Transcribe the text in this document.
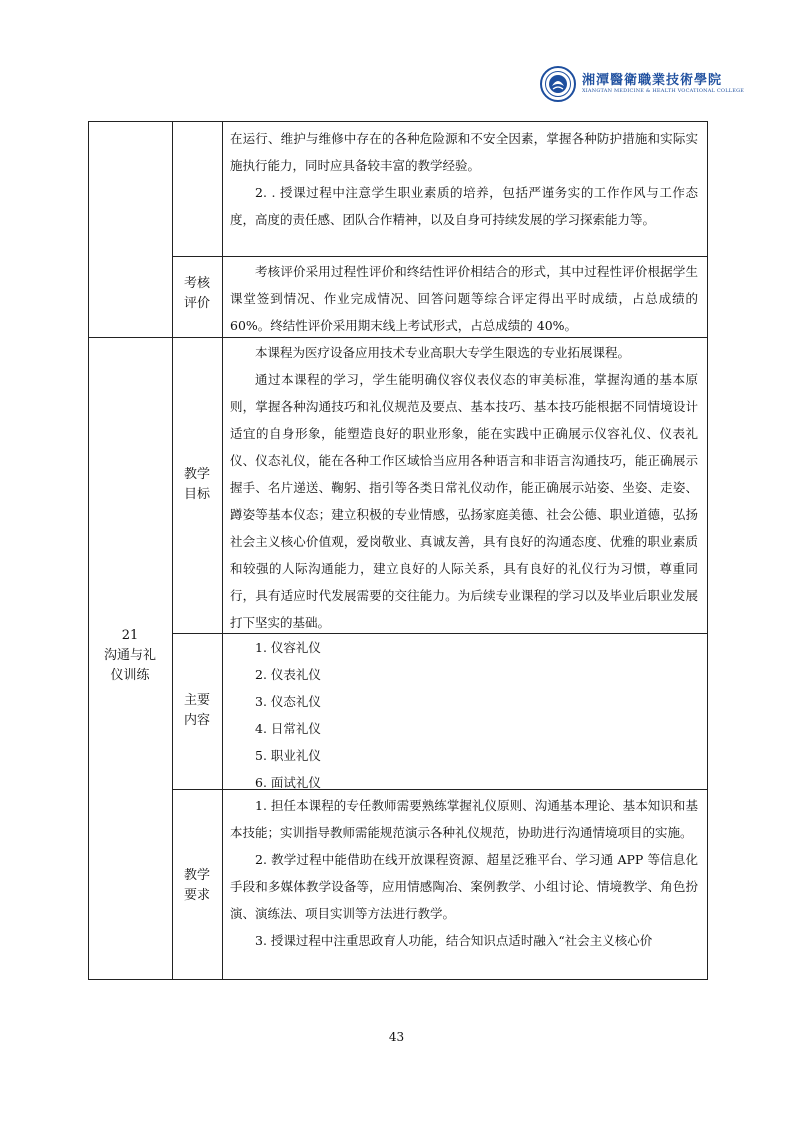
湘潭醫衛職業技術學院
XIANGTAN MEDICINE & HEALTH VOCATIONAL COLLEGE

在运行、维护与维修中存在的各种危险源和不安全因素，掌握各种防护措施和实际实施执行能力，同时应具备较丰富的教学经验。

2. . 授课过程中注意学生职业素质的培养，包括严谨务实的工作作风与工作态度，高度的责任感、团队合作精神，以及自身可持续发展的学习探索能力等。

考核
评价

考核评价采用过程性评价和终结性评价相结合的形式，其中过程性评价根据学生课堂签到情况、作业完成情况、回答问题等综合评定得出平时成绩，占总成绩的 60%。终结性评价采用期末线上考试形式，占总成绩的 40%。

21
沟通与礼
仪训练
教学
目标

本课程为医疗设备应用技术专业高职大专学生限选的专业拓展课程。

通过本课程的学习，学生能明确仪容仪表仪态的审美标准，掌握沟通的基本原则，掌握各种沟通技巧和礼仪规范及要点、基本技巧、基本技巧能根据不同情境设计适宜的自身形象，能塑造良好的职业形象，能在实践中正确展示仪容礼仪、仪表礼仪、仪态礼仪，能在各种工作区域恰当应用各种语言和非语言沟通技巧，能正确展示握手、名片递送、鞠躬、指引等各类日常礼仪动作，能正确展示站姿、坐姿、走姿、蹲姿等基本仪态；建立积极的专业情感，弘扬家庭美德、社会公德、职业道德，弘扬社会主义核心价值观，爱岗敬业、真诚友善，具有良好的沟通态度、优雅的职业素质和较强的人际沟通能力，建立良好的人际关系，具有良好的礼仪行为习惯，尊重同行，具有适应时代发展需要的交往能力。为后续专业课程的学习以及毕业后职业发展打下坚实的基础。

主要
内容

1. 仪容礼仪

2. 仪表礼仪

3. 仪态礼仪

4. 日常礼仪

5. 职业礼仪

6. 面试礼仪

教学
要求

1. 担任本课程的专任教师需要熟练掌握礼仪原则、沟通基本理论、基本知识和基本技能；实训指导教师需能规范演示各种礼仪规范，协助进行沟通情境项目的实施。

2. 教学过程中能借助在线开放课程资源、超星泛雅平台、学习通 APP 等信息化手段和多媒体教学设备等，应用情感陶冶、案例教学、小组讨论、情境教学、角色扮演、演练法、项目实训等方法进行教学。

3. 授课过程中注重思政育人功能，结合知识点适时融入“社会主义核心价

43
